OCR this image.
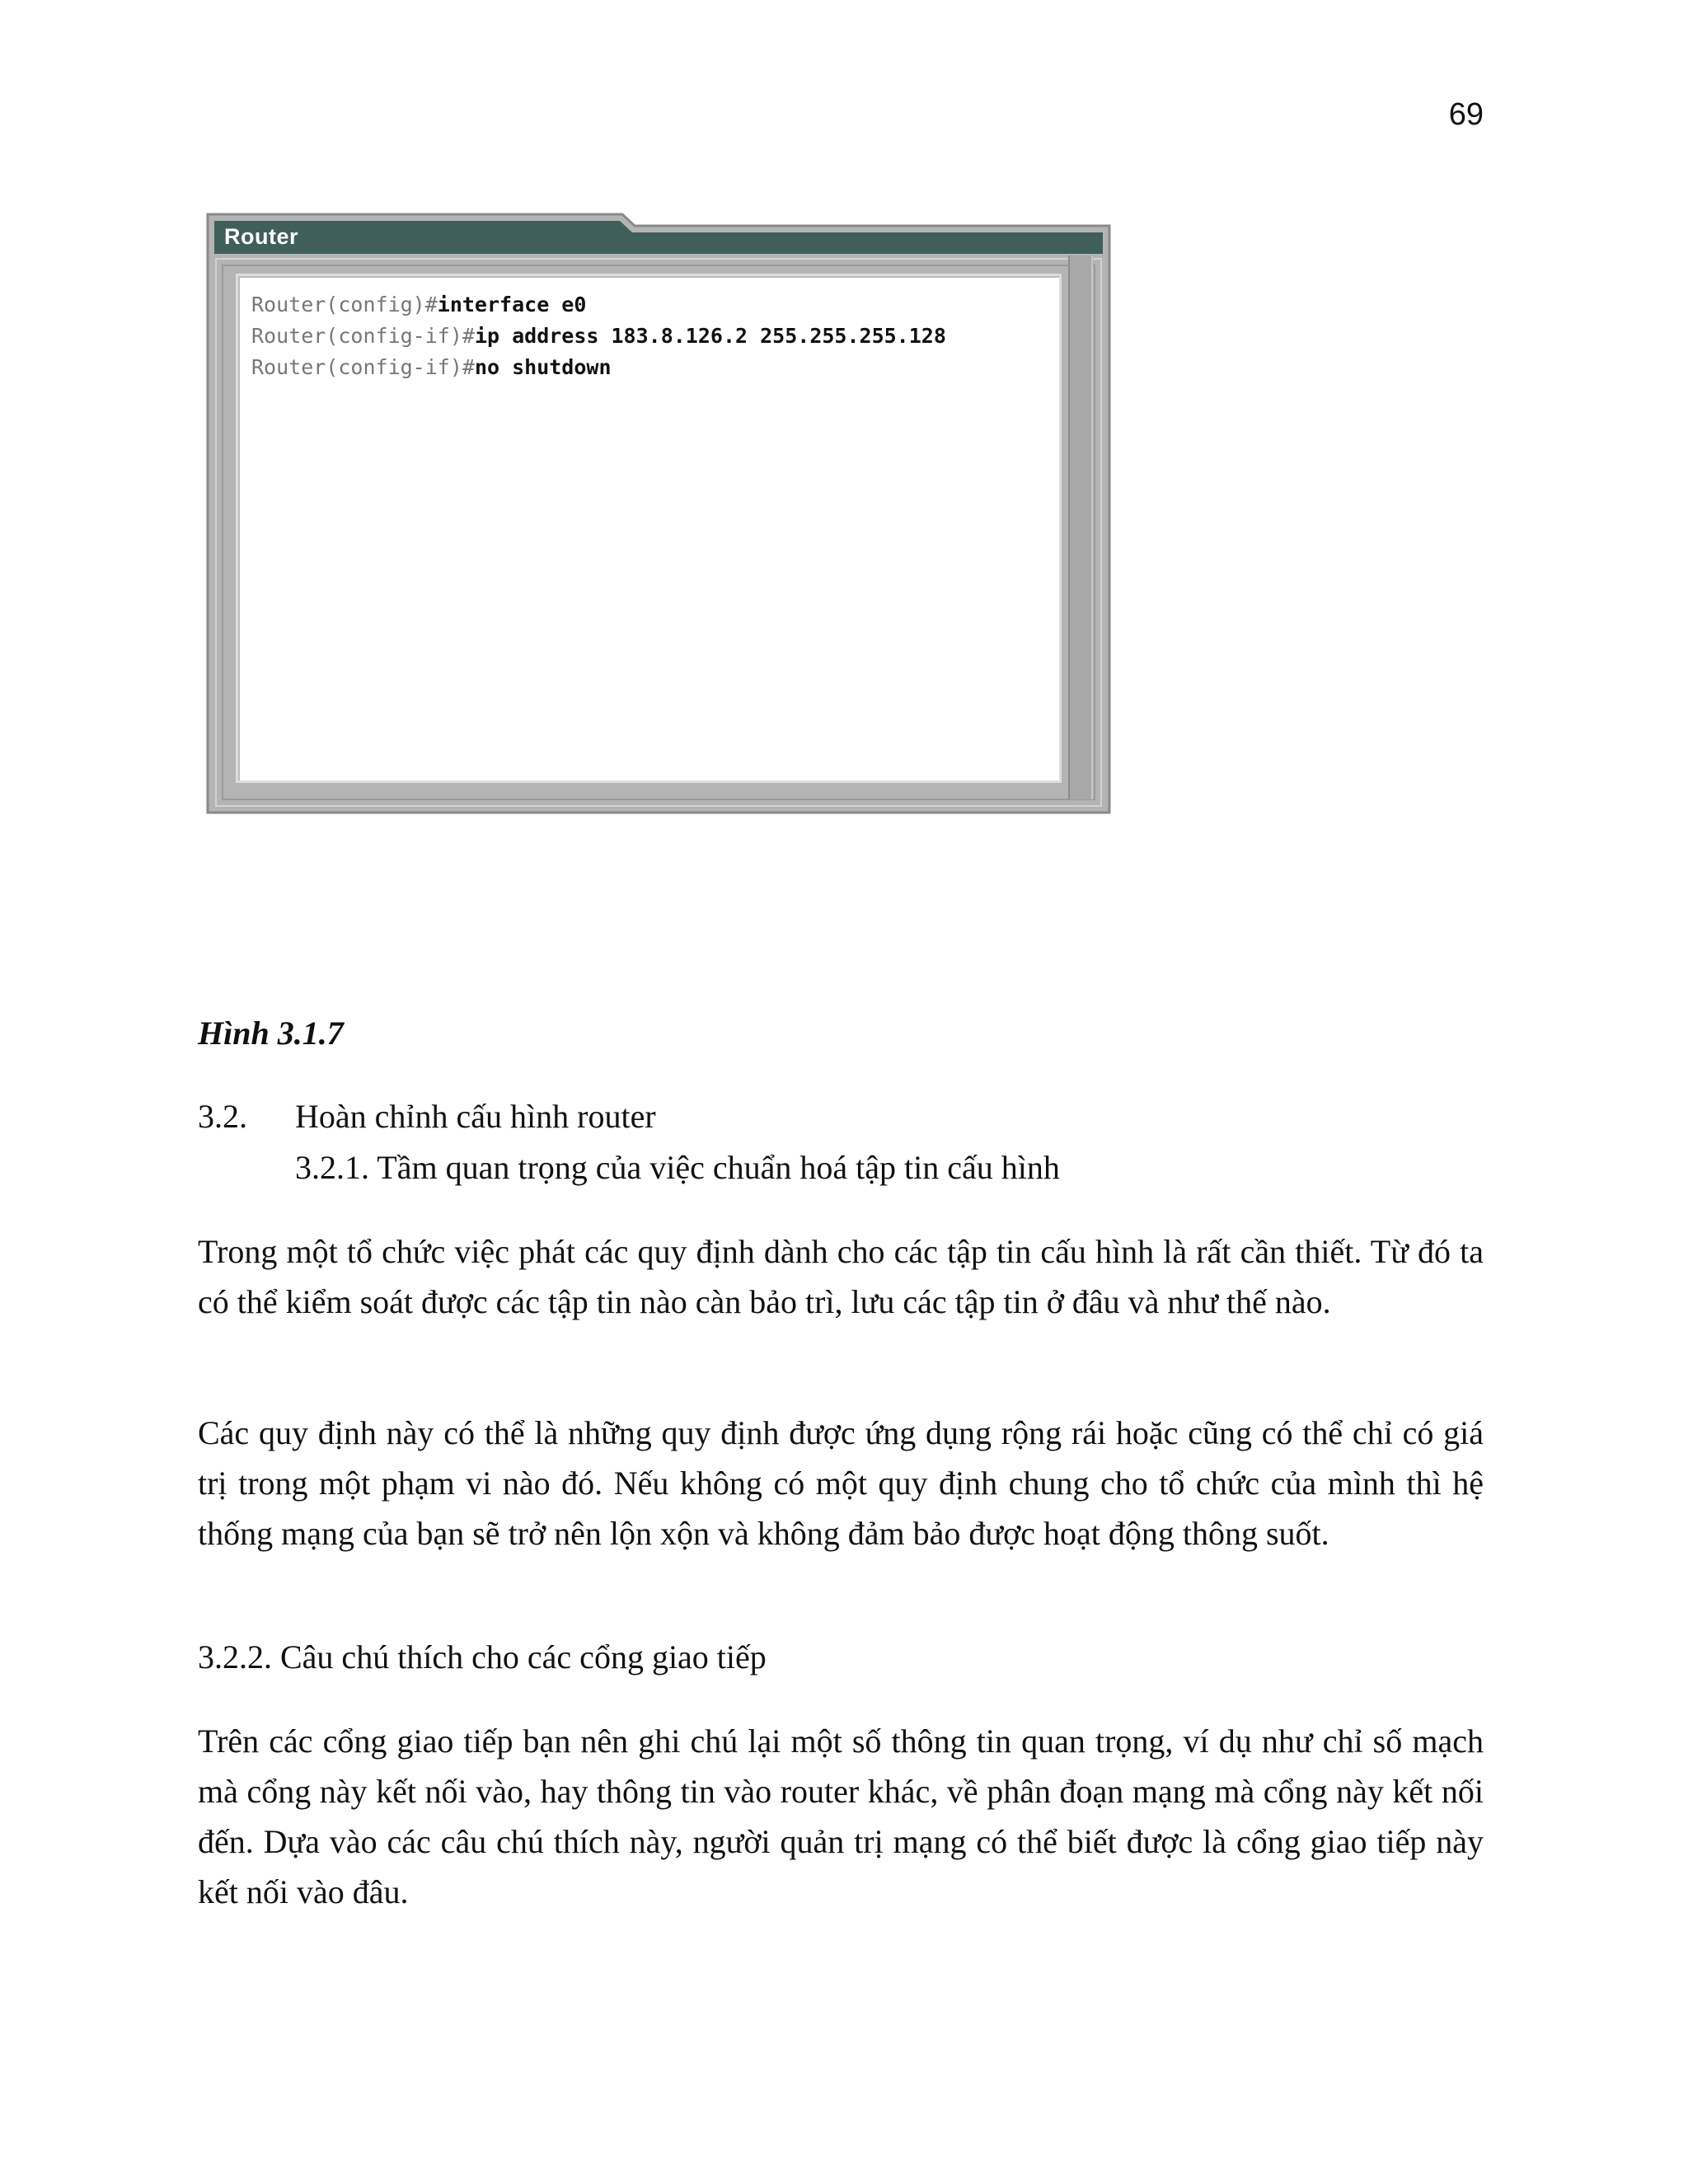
69
Router
Router(config)#interface e0
Router(config-if)#ip address 183.8.126.2 255.255.255.128
Router(config-if)#no shutdown
Hình 3.1.7
3.2. Hoàn chỉnh cấu hình router
3.2.1. Tầm quan trọng của việc chuẩn hoá tập tin cấu hình

Trong một tổ chức việc phát các quy định dành cho các tập tin cấu hình là rất cần thiết. Từ đó ta có thể kiểm soát được các tập tin nào càn bảo trì, lưu các tập tin ở đâu và như thế nào.

Các quy định này có thể là những quy định được ứng dụng rộng rái hoặc cũng có thể chỉ có giá trị trong một phạm vi nào đó. Nếu không có một quy định chung cho tổ chức của mình thì hệ thống mạng của bạn sẽ trở nên lộn xộn và không đảm bảo được hoạt động thông suốt.

3.2.2. Câu chú thích cho các cổng giao tiếp

Trên các cổng giao tiếp bạn nên ghi chú lại một số thông tin quan trọng, ví dụ như chỉ số mạch mà cổng này kết nối vào, hay thông tin vào router khác, về phân đoạn mạng mà cổng này kết nối đến. Dựa vào các câu chú thích này, người quản trị mạng có thể biết được là cổng giao tiếp này kết nối vào đâu.
